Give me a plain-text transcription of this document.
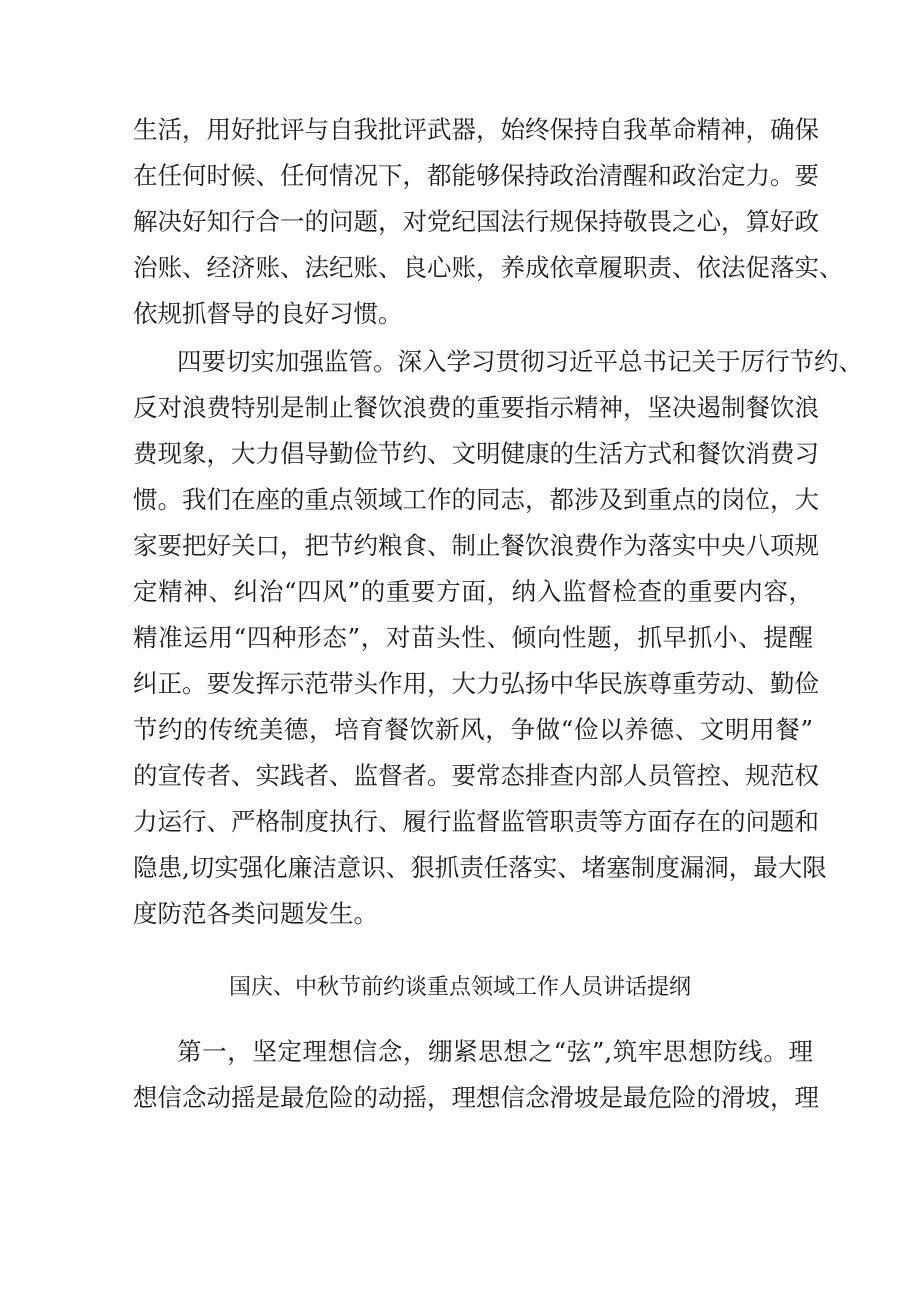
生活，用好批评与自我批评武器，始终保持自我革命精神，确保
在任何时候、任何情况下，都能够保持政治清醒和政治定力。要
解决好知行合一的问题，对党纪国法行规保持敬畏之心，算好政
治账、经济账、法纪账、良心账，养成依章履职责、依法促落实、
依规抓督导的良好习惯。
四要切实加强监管。深入学习贯彻习近平总书记关于厉行节约、
反对浪费特别是制止餐饮浪费的重要指示精神，坚决遏制餐饮浪
费现象，大力倡导勤俭节约、文明健康的生活方式和餐饮消费习
惯。我们在座的重点领域工作的同志，都涉及到重点的岗位，大
家要把好关口，把节约粮食、制止餐饮浪费作为落实中央八项规
定精神、纠治“四风”的重要方面，纳入监督检查的重要内容，
精准运用“四种形态”，对苗头性、倾向性题，抓早抓小、提醒
纠正。要发挥示范带头作用，大力弘扬中华民族尊重劳动、勤俭
节约的传统美德，培育餐饮新风，争做“俭以养德、文明用餐”
的宣传者、实践者、监督者。要常态排查内部人员管控、规范权
力运行、严格制度执行、履行监督监管职责等方面存在的问题和
隐患,切实强化廉洁意识、狠抓责任落实、堵塞制度漏洞，最大限
度防范各类问题发生。
国庆、中秋节前约谈重点领域工作人员讲话提纲
第一，坚定理想信念，绷紧思想之“弦”,筑牢思想防线。理
想信念动摇是最危险的动摇，理想信念滑坡是最危险的滑坡，理
